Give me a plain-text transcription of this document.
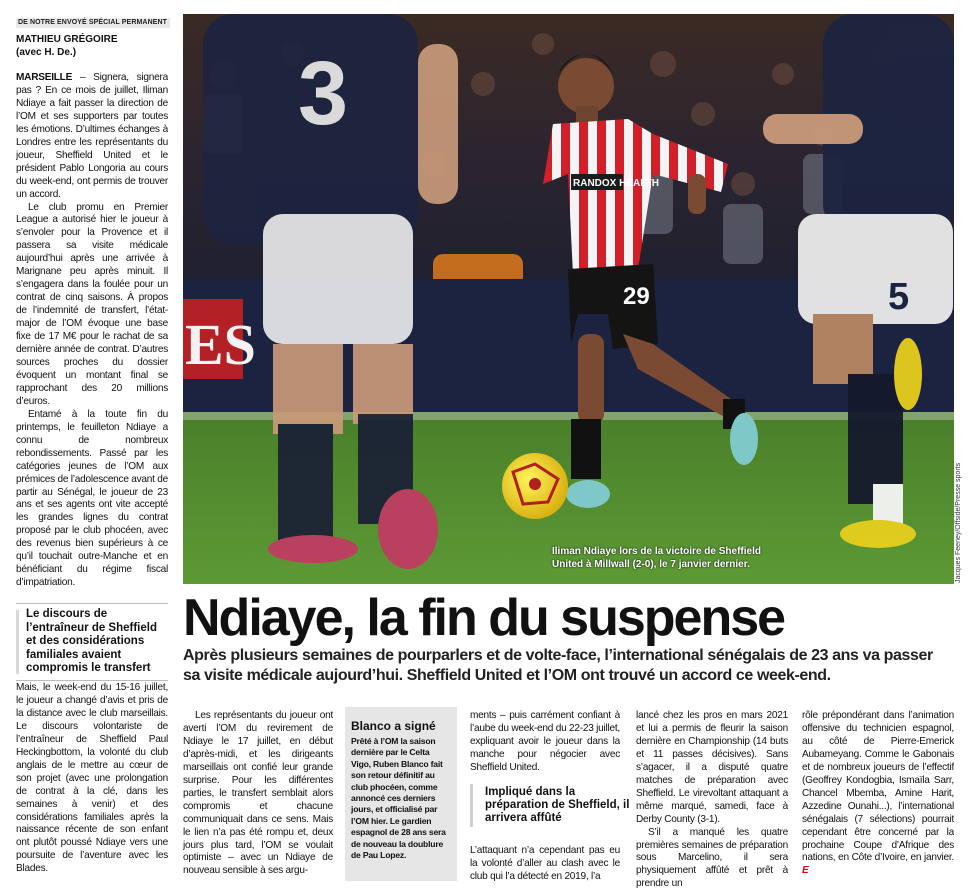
DE NOTRE ENVOYÉ SPÉCIAL PERMANENT
MATHIEU GRÉGOIRE
(avec H. De.)

MARSEILLE – Signera, signera pas ? En ce mois de juillet, Iliman Ndiaye a fait passer la direction de l’OM et ses supporters par toutes les émotions. D’ultimes échanges à Londres entre les représentants du joueur, Sheffield United et le président Pablo Longoria au cours du week-end, ont permis de trouver un accord.

Le club promu en Premier League a autorisé hier le joueur à s’envoler pour la Provence et il passera sa visite médicale aujourd’hui après une arrivée à Marignane peu après minuit. Il s’engagera dans la foulée pour un contrat de cinq saisons. À propos de l’indemnité de transfert, l’état-major de l’OM évoque une base fixe de 17 M€ pour le rachat de sa dernière année de contrat. D’autres sources proches du dossier évoquent un montant final se rapprochant des 20 millions d’euros.

Entamé à la toute fin du printemps, le feuilleton Ndiaye a connu de nombreux rebondissements. Passé par les catégories jeunes de l’OM aux prémices de l’adolescence avant de partir au Sénégal, le joueur de 23 ans et ses agents ont vite accepté les grandes lignes du contrat proposé par le club phocéen, avec des revenus bien supérieurs à ce qu’il touchait outre-Manche et en bénéficiant du régime fiscal d’impatriation.

Le discours de l’entraîneur de Sheffield et des considérations familiales avaient compromis le transfert

Mais, le week-end du 15-16 juillet, le joueur a changé d’avis et pris de la distance avec le club marseillais. Le discours volontariste de l’entraîneur de Sheffield Paul Heckingbottom, la volonté du club anglais de le mettre au cœur de son projet (avec une prolongation de contrat à la clé, dans les semaines à venir) et des considérations familiales après la naissance récente de son enfant ont plutôt poussé Ndiaye vers une poursuite de l’aventure avec les Blades.

ES
3
5
RANDOX HEALTH
29
Iliman Ndiaye lors de la victoire de Sheffield United à Millwall (2-0), le 7 janvier dernier.	Jacques Feeney/Offside/Presse sports
Ndiaye, la fin du suspense
Après plusieurs semaines de pourparlers et de volte-face, l’international sénégalais de 23 ans va passer sa visite médicale aujourd’hui. Sheffield United et l’OM ont trouvé un accord ce week-end.

Les représentants du joueur ont averti l’OM du revirement de Ndiaye le 17 juillet, en début d’après-midi, et les dirigeants marseillais ont confié leur grande surprise. Pour les différentes parties, le transfert semblait alors compromis et chacune communiquait dans ce sens. Mais le lien n’a pas été rompu et, deux jours plus tard, l’OM se voulait optimiste – avec un Ndiaye de nouveau sensible à ses argu-

Blanco a signé
Prêté à l’OM la saison dernière par le Celta Vigo, Ruben Blanco fait son retour définitif au club phocéen, comme annoncé ces derniers jours, et officialisé par l’OM hier. Le gardien espagnol de 28 ans sera de nouveau la doublure de Pau Lopez.

ments – puis carrément confiant à l’aube du week-end du 22-23 juillet, expliquant avoir le joueur dans la manche pour négocier avec Sheffield United.

Impliqué dans la préparation de Sheffield, il arrivera affûté

L’attaquant n’a cependant pas eu la volonté d’aller au clash avec le club qui l’a détecté en 2019, l’a

lancé chez les pros en mars 2021 et lui a permis de fleurir la saison dernière en Championship (14 buts et 11 passes décisives). Sans s’agacer, il a disputé quatre matches de préparation avec Sheffield. Le virevoltant attaquant a même marqué, samedi, face à Derby County (3-1).

S’il a manqué les quatre premières semaines de préparation sous Marcelino, il sera physiquement affûté et prêt à prendre un

rôle prépondérant dans l’animation offensive du technicien espagnol, au côté de Pierre-Emerick Aubameyang. Comme le Gabonais et de nombreux joueurs de l’effectif (Geoffrey Kondogbia, Ismaïla Sarr, Chancel Mbemba, Amine Harit, Azzedine Ounahi...), l’international sénégalais (7 sélections) pourrait cependant être concerné par la prochaine Coupe d’Afrique des nations, en Côte d’Ivoire, en janvier. E
